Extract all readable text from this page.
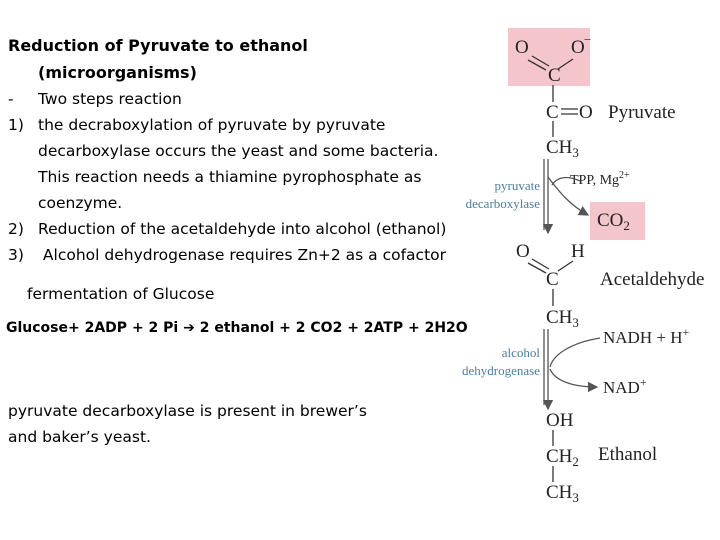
Reduction of Pyruvate to ethanol
(microorganisms)
- Two steps reaction
1) the decraboxylation of pyruvate by pyruvate
decarboxylase occurs the yeast and some bacteria.
This reaction needs a thiamine pyrophosphate as
coenzyme.
2) Reduction of the acetaldehyde into alcohol (ethanol)
3) Alcohol dehydrogenase requires Zn+2 as a cofactor
fermentation of Glucose
Glucose+ 2ADP + 2 Pi ➔ 2 ethanol + 2 CO2 + 2ATP + 2H2O
pyruvate decarboxylase is present in brewer’s
and baker’s yeast.
O O −
C
C O
$CH_3$
Pyruvate
O H
C
$CH_3$
Acetaldehyde
OH
$CH_2$
$CH_3$
Ethanol
TPP, $Mg^{2+}$
$CO_2$
NADH + H+
NAD+
pyruvate
decarboxylase
alcohol
dehydrogenase
